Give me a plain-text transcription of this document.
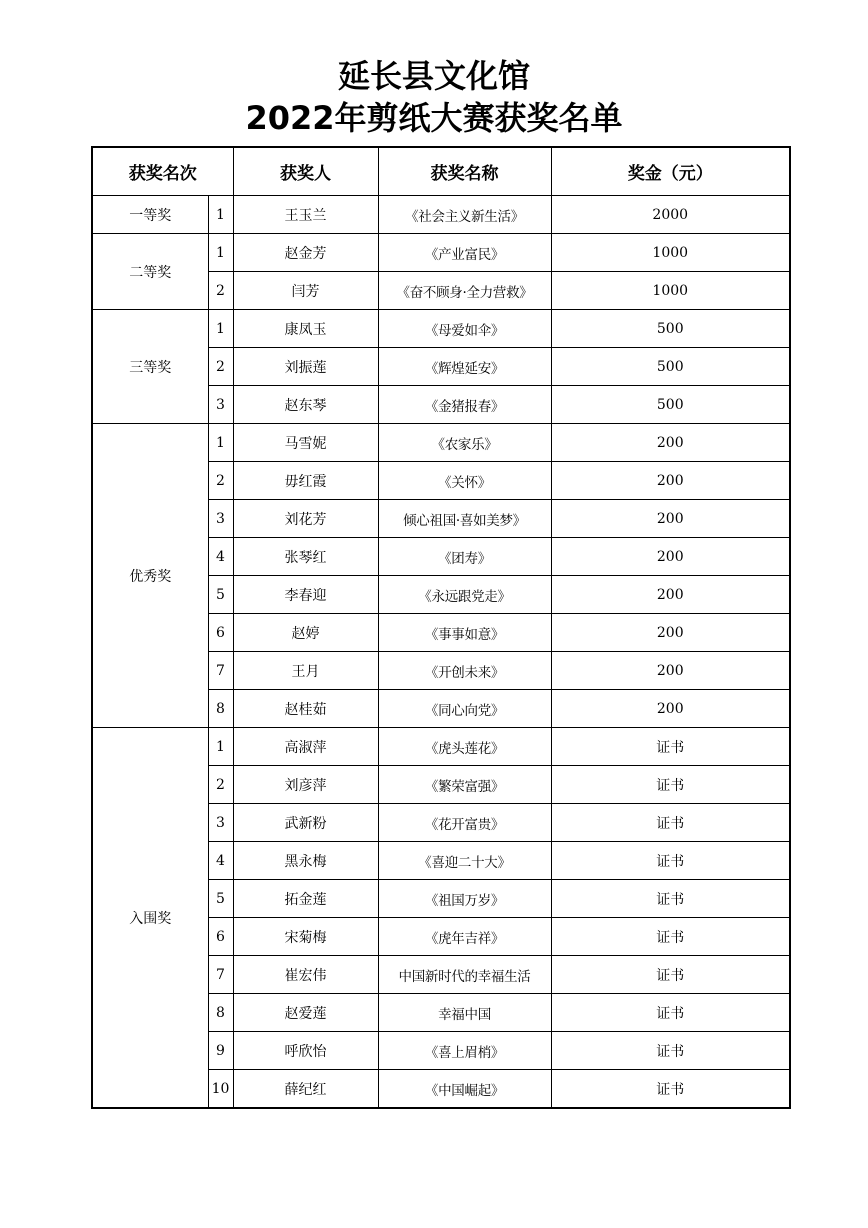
延长县文化馆
2022年剪纸大赛获奖名单
获奖名次		获奖人	获奖名称	奖金（元）
一等奖	1	王玉兰	《社会主义新生活》	2000
二等奖	1	赵金芳	《产业富民》	1000
	2	闫芳	《奋不顾身·全力营救》	1000
三等奖	1	康凤玉	《母爱如伞》	500
	2	刘振莲	《辉煌延安》	500
	3	赵东琴	《金猪报春》	500
优秀奖	1	马雪妮	《农家乐》	200
	2	毋红霞	《关怀》	200
	3	刘花芳	倾心祖国·喜如美梦》	200
	4	张琴红	《团寿》	200
	5	李春迎	《永远跟党走》	200
	6	赵婷	《事事如意》	200
	7	王月	《开创未来》	200
	8	赵桂茹	《同心向党》	200
入围奖	1	高淑萍	《虎头莲花》	证书
	2	刘彦萍	《繁荣富强》	证书
	3	武新粉	《花开富贵》	证书
	4	黑永梅	《喜迎二十大》	证书
	5	拓金莲	《祖国万岁》	证书
	6	宋菊梅	《虎年吉祥》	证书
	7	崔宏伟	中国新时代的幸福生活	证书
	8	赵爱莲	幸福中国	证书
	9	呼欣怡	《喜上眉梢》	证书
	10	薛纪红	《中国崛起》	证书
